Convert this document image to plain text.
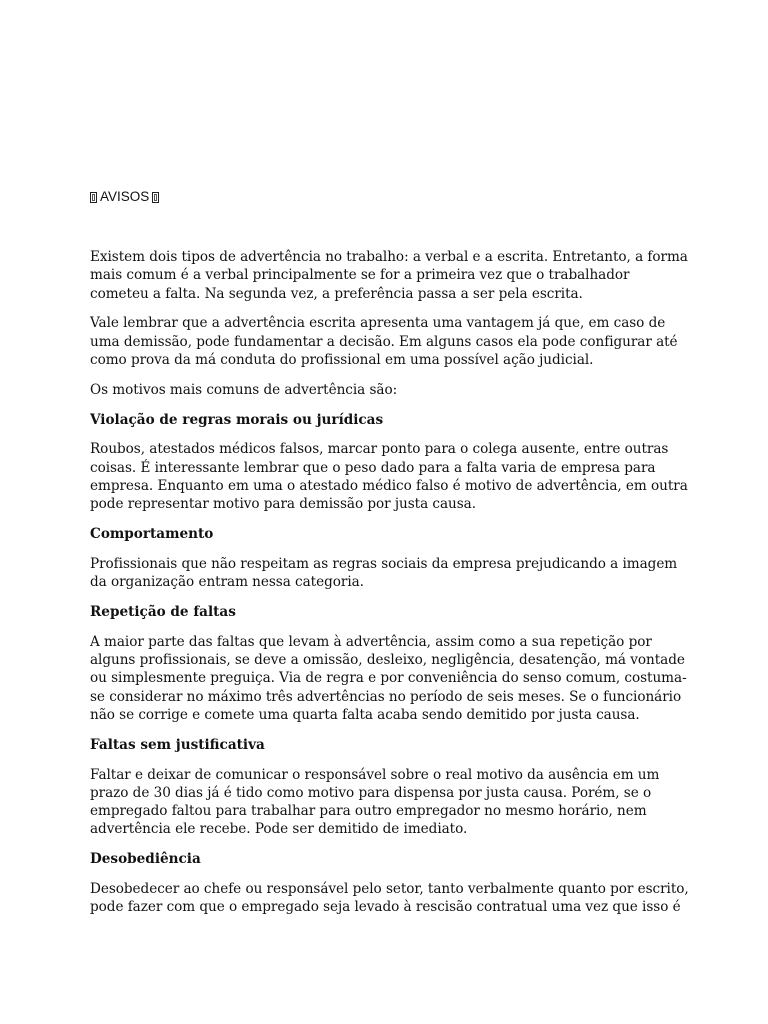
AVISOS

Existem dois tipos de advertência no trabalho: a verbal e a escrita. Entretanto, a forma mais comum é a verbal principalmente se for a primeira vez que o trabalhador cometeu a falta. Na segunda vez, a preferência passa a ser pela escrita.

Vale lembrar que a advertência escrita apresenta uma vantagem já que, em caso de uma demissão, pode fundamentar a decisão. Em alguns casos ela pode configurar até como prova da má conduta do profissional em uma possível ação judicial.

Os motivos mais comuns de advertência são:

Violação de regras morais ou jurídicas

Roubos, atestados médicos falsos, marcar ponto para o colega ausente, entre outras coisas. É interessante lembrar que o peso dado para a falta varia de empresa para empresa. Enquanto em uma o atestado médico falso é motivo de advertência, em outra pode representar motivo para demissão por justa causa.

Comportamento

Profissionais que não respeitam as regras sociais da empresa prejudicando a imagem da organização entram nessa categoria.

Repetição de faltas

A maior parte das faltas que levam à advertência, assim como a sua repetição por alguns profissionais, se deve a omissão, desleixo, negligência, desatenção, má vontade ou simplesmente preguiça. Via de regra e por conveniência do senso comum, costuma-se considerar no máximo três advertências no período de seis meses. Se o funcionário não se corrige e comete uma quarta falta acaba sendo demitido por justa causa.

Faltas sem justificativa

Faltar e deixar de comunicar o responsável sobre o real motivo da ausência em um prazo de 30 dias já é tido como motivo para dispensa por justa causa. Porém, se o empregado faltou para trabalhar para outro empregador no mesmo horário, nem advertência ele recebe. Pode ser demitido de imediato.

Desobediência

Desobedecer ao chefe ou responsável pelo setor, tanto verbalmente quanto por escrito, pode fazer com que o empregado seja levado à rescisão contratual uma vez que isso é
